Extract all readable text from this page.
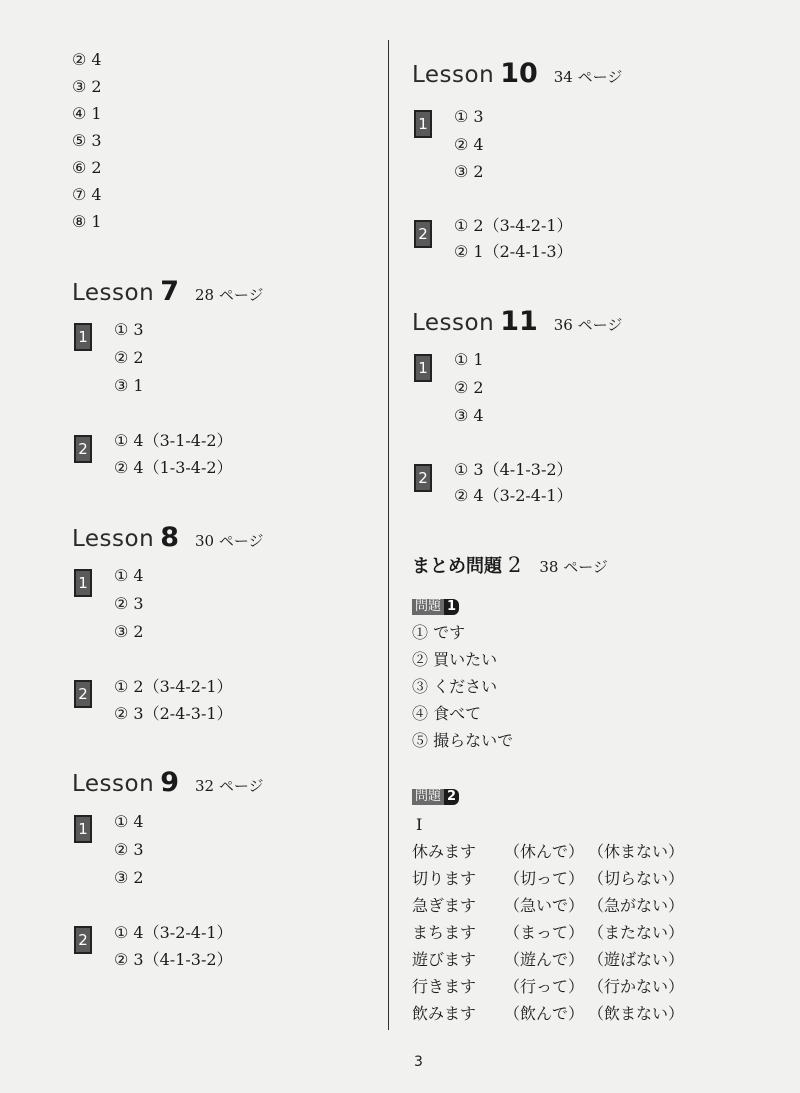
② 4
③ 2
④ 1
⑤ 3
⑥ 2
⑦ 4
⑧ 1
Lesson 7 28 ページ
1 ① 3
② 2
③ 1
2 ① 4（3-1-4-2）
② 4（1-3-4-2）
Lesson 8 30 ページ
1 ① 4
② 3
③ 2
2 ① 2（3-4-2-1）
② 3（2-4-3-1）
Lesson 9 32 ページ
1 ① 4
② 3
③ 2
2 ① 4（3-2-4-1）
② 3（4-1-3-2）
Lesson 10 34 ページ
1 ① 3
② 4
③ 2
2 ① 2（3-4-2-1）
② 1（2-4-1-3）
Lesson 11 36 ページ
1 ① 1
② 2
③ 4
2 ① 3（4-1-3-2）
② 4（3-2-4-1）
まとめ問題 2 38 ページ
問題 1
① です
② 買いたい
③ ください
④ 食べて
⑤ 撮らないで
問題 2
I
休みます （休んで） （休まない）
切ります （切って） （切らない）
急ぎます （急いで） （急がない）
まちます （まって） （またない）
遊びます （遊んで） （遊ばない）
行きます （行って） （行かない）
飲みます （飲んで） （飲まない）
3
